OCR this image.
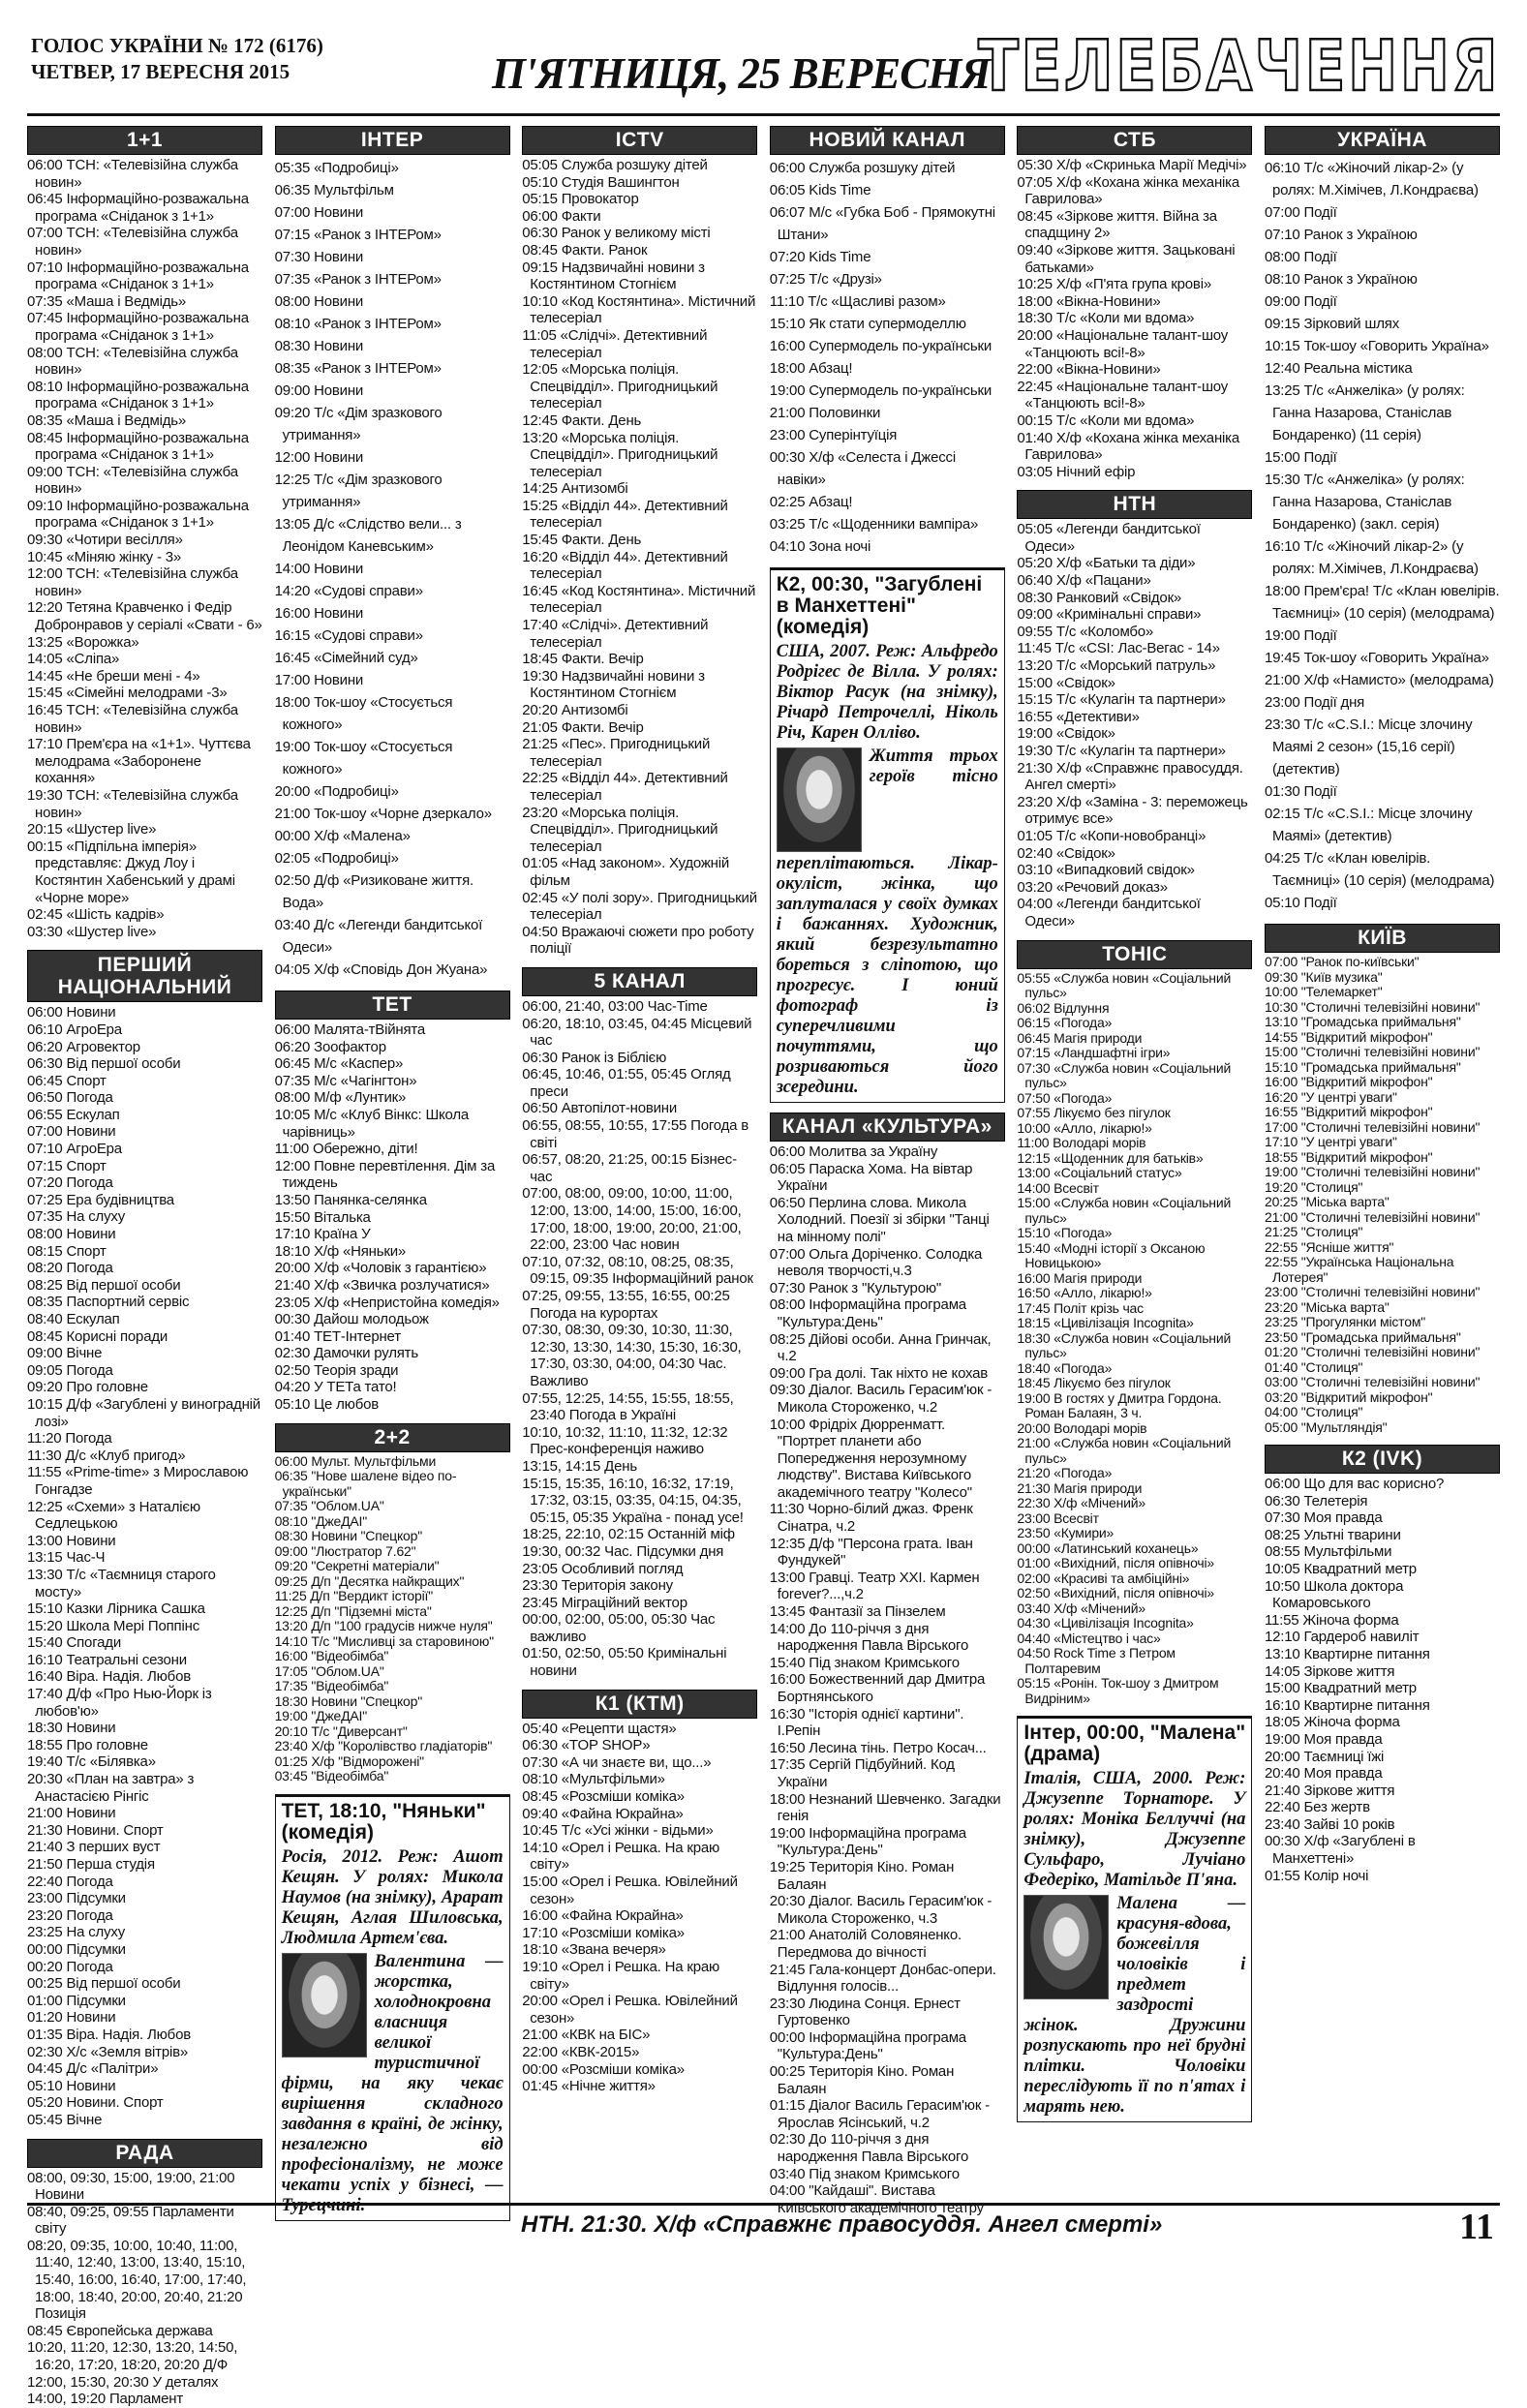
ГОЛОС УКРАЇНИ № 172 (6176)
ЧЕТВЕР, 17 ВЕРЕСНЯ 2015	П'ЯТНИЦЯ, 25 ВЕРЕСНЯ
ТЕЛЕБАЧЕННЯ
1+1
06:00 ТСН: «Телевізійна служба новин»
06:45 Інформаційно-розважальна програма «Сніданок з 1+1»
07:00 ТСН: «Телевізійна служба новин»
07:10 Інформаційно-розважальна програма «Сніданок з 1+1»
07:35 «Маша і Ведмідь»
07:45 Інформаційно-розважальна програма «Сніданок з 1+1»
08:00 ТСН: «Телевізійна служба новин»
08:10 Інформаційно-розважальна програма «Сніданок з 1+1»
08:35 «Маша і Ведмідь»
08:45 Інформаційно-розважальна програма «Сніданок з 1+1»
09:00 ТСН: «Телевізійна служба новин»
09:10 Інформаційно-розважальна програма «Сніданок з 1+1»
09:30 «Чотири весілля»
10:45 «Міняю жінку - 3»
12:00 ТСН: «Телевізійна служба новин»
12:20 Тетяна Кравченко і Федір Добронравов у серіалі «Свати - 6»
13:25 «Ворожка»
14:05 «Сліпа»
14:45 «Не бреши мені - 4»
15:45 «Сімейні мелодрами -3»
16:45 ТСН: «Телевізійна служба новин»
17:10 Прем'єра на «1+1». Чуттєва мелодрама «Заборонене кохання»
19:30 ТСН: «Телевізійна служба новин»
20:15 «Шустер live»
00:15 «Підпільна імперія» представляє: Джуд Лоу і Костянтин Хабенський у драмі «Чорне море»
02:45 «Шість кадрів»
03:30 «Шустер live»
ПЕРШИЙ НАЦІОНАЛЬНИЙ
06:00 Новини
06:10 АгроЕра
06:20 Агровектор
06:30 Від першої особи
06:45 Спорт
06:50 Погода
06:55 Ескулап
07:00 Новини
07:10 АгроЕра
07:15 Спорт
07:20 Погода
07:25 Ера будівництва
07:35 На слуху
08:00 Новини
08:15 Спорт
08:20 Погода
08:25 Від першої особи
08:35 Паспортний сервіс
08:40 Ескулап
08:45 Корисні поради
09:00 Вічне
09:05 Погода
09:20 Про головне
10:15 Д/ф «Загублені у виноградній лозі»
11:20 Погода
11:30 Д/с «Клуб пригод»
11:55 «Prime-time» з Мирославою Гонгадзе
12:25 «Схеми» з Наталією Седлецькою
13:00 Новини
13:15 Час-Ч
13:30 Т/с «Таємниця старого мосту»
15:10 Казки Лірника Сашка
15:20 Школа Мері Поппінс
15:40 Спогади
16:10 Театральні сезони
16:40 Віра. Надія. Любов
17:40 Д/ф «Про Нью-Йорк із любов'ю»
18:30 Новини
18:55 Про головне
19:40 Т/с «Білявка»
20:30 «План на завтра» з Анастасією Рінгіс
21:00 Новини
21:30 Новини. Спорт
21:40 З перших вуст
21:50 Перша студія
22:40 Погода
23:00 Підсумки
23:20 Погода
23:25 На слуху
00:00 Підсумки
00:20 Погода
00:25 Від першої особи
01:00 Підсумки
01:20 Новини
01:35 Віра. Надія. Любов
02:30 Х/с «Земля вітрів»
04:45 Д/с «Палітри»
05:10 Новини
05:20 Новини. Спорт
05:45 Вічне
РАДА
08:00, 09:30, 15:00, 19:00, 21:00 Новини
08:40, 09:25, 09:55 Парламенти світу
08:20, 09:35, 10:00, 10:40, 11:00, 11:40, 12:40, 13:00, 13:40, 15:10, 15:40, 16:00, 16:40, 17:00, 17:40, 18:00, 18:40, 20:00, 20:40, 21:20 Позиція
08:45 Європейська держава
10:20, 11:20, 12:30, 13:20, 14:50, 16:20, 17:20, 18:20, 20:20 Д/Ф
12:00, 15:30, 20:30 У деталях
14:00, 19:20 Парламент
ІНТЕР
05:35 «Подробиці»
06:35 Мультфільм
07:00 Новини
07:15 «Ранок з ІНТЕРом»
07:30 Новини
07:35 «Ранок з ІНТЕРом»
08:00 Новини
08:10 «Ранок з ІНТЕРом»
08:30 Новини
08:35 «Ранок з ІНТЕРом»
09:00 Новини
09:20 Т/с «Дім зразкового утримання»
12:00 Новини
12:25 Т/с «Дім зразкового утримання»
13:05 Д/с «Слідство вели... з Леонідом Каневським»
14:00 Новини
14:20 «Судові справи»
16:00 Новини
16:15 «Судові справи»
16:45 «Сімейний суд»
17:00 Новини
18:00 Ток-шоу «Стосується кожного»
19:00 Ток-шоу «Стосується кожного»
20:00 «Подробиці»
21:00 Ток-шоу «Чорне дзеркало»
00:00 Х/ф «Малена»
02:05 «Подробиці»
02:50 Д/ф «Ризиковане життя. Вода»
03:40 Д/с «Легенди бандитської Одеси»
04:05 Х/ф «Сповідь Дон Жуана»
ТЕТ
06:00 Малята-тВійнята
06:20 Зоофактор
06:45 М/с «Каспер»
07:35 М/с «Чагінгтон»
08:00 М/ф «Лунтик»
10:05 М/с «Клуб Вінкс: Школа чарівниць»
11:00 Обережно, діти!
12:00 Повне перевтілення. Дім за тиждень
13:50 Панянка-селянка
15:50 Віталька
17:10 Країна У
18:10 Х/ф «Няньки»
20:00 Х/ф «Чоловік з гарантією»
21:40 Х/ф «Звичка розлучатися»
23:05 Х/ф «Непристойна комедія»
00:30 Дайош молодьож
01:40 ТЕТ-Інтернет
02:30 Дамочки рулять
02:50 Теорія зради
04:20 У ТЕТа тато!
05:10 Це любов
2+2
06:00 Мульт. Мультфільми
06:35 "Нове шалене відео по-українськи"
07:35 "Облом.UA"
08:10 "ДжеДАІ"
08:30 Новини "Спецкор"
09:00 "Люстратор 7.62"
09:20 "Секретні матеріали"
09:25 Д/п "Десятка найкращих"
11:25 Д/п "Вердикт історії"
12:25 Д/п "Підземні міста"
13:20 Д/п "100 градусів нижче нуля"
14:10 Т/с "Мисливці за старовиною"
16:00 "Відеобімба"
17:05 "Облом.UA"
17:35 "Відеобімба"
18:30 Новини "Спецкор"
19:00 "ДжеДАІ"
20:10 Т/с "Диверсант"
23:40 Х/ф "Королівство гладіаторів"
01:25 Х/ф "Відморожені"
03:45 "Відеобімба"
ТЕТ, 18:10, "Няньки" (комедія)
Росія, 2012. Реж: Ашот Кещян. У ролях: Микола Наумов (на знімку), Арарат Кещян, Аглая Шиловська, Людмила Артем'єва.
Валентина — жорстка, холоднокровна власниця великої туристичної фірми, на яку чекає вирішення складного завдання в країні, де жінку, незалежно від професіоналізму, не може чекати успіх у бізнесі, — Турецчині.
ICTV
05:05 Служба розшуку дітей
05:10 Студія Вашингтон
05:15 Провокатор
06:00 Факти
06:30 Ранок у великому місті
08:45 Факти. Ранок
09:15 Надзвичайні новини з Костянтином Стогнієм
10:10 «Код Костянтина». Містичний телесеріал
11:05 «Слідчі». Детективний телесеріал
12:05 «Морська поліція. Спецвідділ». Пригодницький телесеріал
12:45 Факти. День
13:20 «Морська поліція. Спецвідділ». Пригодницький телесеріал
14:25 Антизомбі
15:25 «Відділ 44». Детективний телесеріал
15:45 Факти. День
16:20 «Відділ 44». Детективний телесеріал
16:45 «Код Костянтина». Містичний телесеріал
17:40 «Слідчі». Детективний телесеріал
18:45 Факти. Вечір
19:30 Надзвичайні новини з Костянтином Стогнієм
20:20 Антизомбі
21:05 Факти. Вечір
21:25 «Пес». Пригодницький телесеріал
22:25 «Відділ 44». Детективний телесеріал
23:20 «Морська поліція. Спецвідділ». Пригодницький телесеріал
01:05 «Над законом». Художній фільм
02:45 «У полі зору». Пригодницький телесеріал
04:50 Вражаючі сюжети про роботу поліції
5 КАНАЛ
06:00, 21:40, 03:00 Час-Time
06:20, 18:10, 03:45, 04:45 Місцевий час
06:30 Ранок із Біблією
06:45, 10:46, 01:55, 05:45 Огляд преси
06:50 Автопілот-новини
06:55, 08:55, 10:55, 17:55 Погода в світі
06:57, 08:20, 21:25, 00:15 Бізнес-час
07:00, 08:00, 09:00, 10:00, 11:00, 12:00, 13:00, 14:00, 15:00, 16:00, 17:00, 18:00, 19:00, 20:00, 21:00, 22:00, 23:00 Час новин
07:10, 07:32, 08:10, 08:25, 08:35, 09:15, 09:35 Інформаційний ранок
07:25, 09:55, 13:55, 16:55, 00:25 Погода на курортах
07:30, 08:30, 09:30, 10:30, 11:30, 12:30, 13:30, 14:30, 15:30, 16:30, 17:30, 03:30, 04:00, 04:30 Час. Важливо
07:55, 12:25, 14:55, 15:55, 18:55, 23:40 Погода в Україні
10:10, 10:32, 11:10, 11:32, 12:32 Прес-конференція наживо
13:15, 14:15 День
15:15, 15:35, 16:10, 16:32, 17:19, 17:32, 03:15, 03:35, 04:15, 04:35, 05:15, 05:35 Україна - понад усе!
18:25, 22:10, 02:15 Останній міф
19:30, 00:32 Час. Підсумки дня
23:05 Особливий погляд
23:30 Територія закону
23:45 Мігрaційний вектор
00:00, 02:00, 05:00, 05:30 Час важливо
01:50, 02:50, 05:50 Кримінальні новини
К1 (КТМ)
05:40 «Рецепти щастя»
06:30 «TOP SHOP»
07:30 «А чи знаєте ви, що...»
08:10 «Мультфільми»
08:45 «Розсміши коміка»
09:40 «Файна Юкрайна»
10:45 Т/с «Усі жінки - відьми»
14:10 «Орел і Решка. На краю світу»
15:00 «Орел і Решка. Ювілейний сезон»
16:00 «Файна Юкрайна»
17:10 «Розсміши коміка»
18:10 «Звана вечеря»
19:10 «Орел і Решка. На краю світу»
20:00 «Орел і Решка. Ювілейний сезон»
21:00 «КВК на БІС»
22:00 «КВК-2015»
00:00 «Розсміши коміка»
01:45 «Нічне життя»
НОВИЙ КАНАЛ
06:00 Служба розшуку дітей
06:05 Kids Time
06:07 М/с «Губка Боб - Прямокутні Штани»
07:20 Kids Time
07:25 Т/с «Друзі»
11:10 Т/с «Щасливі разом»
15:10 Як стати супермоделлю
16:00 Супермодель по-українськи
18:00 Абзац!
19:00 Супермодель по-українськи
21:00 Половинки
23:00 Суперінтуїція
00:30 Х/ф «Селеста і Джессі навіки»
02:25 Абзац!
03:25 Т/с «Щоденники вампіра»
04:10 Зона ночі
К2, 00:30, "Загублені в Манхеттені" (комедія)
США, 2007. Реж: Альфредо Родрігес де Вілла. У ролях: Віктор Расук (на знімку), Річард Петрочеллі, Ніколь Річ, Карен Олліво.
Життя трьох героїв тісно переплітаються. Лікар-окуліст, жінка, що заплуталася у своїх думках і бажаннях. Художник, який безрезультатно бореться з сліпотою, що прогресує. І юний фотограф із суперечливими почуттями, що розриваються його зсередини.
КАНАЛ «КУЛЬТУРА»
06:00 Молитва за Україну
06:05 Параска Хома. На вівтар України
06:50 Перлина слова. Микола Холодний. Поезії зі збірки "Танці на мінному полі"
07:00 Ольга Доріченко. Солодка неволя творчості,ч.3
07:30 Ранок з "Культурою"
08:00 Інформаційна програма "Культура:День"
08:25 Дійові особи. Анна Гринчак, ч.2
09:00 Гра долі. Так ніхто не кохав
09:30 Діалог. Василь Герасим'юк - Микола Стороженко, ч.2
10:00 Фрідріх Дюрренматт. "Портрет планети або Попередження нерозумному людству". Вистава Київського академічного театру "Колесо"
11:30 Чорно-білий джаз. Френк Сінатра, ч.2
12:35 Д/ф "Персона грата. Іван Фундукей"
13:00 Гравці. Театр XXI. Кармен forever?...,ч.2
13:45 Фантазії за Пінзелем
14:00 До 110-річчя з дня народження Павла Вірського
15:40 Під знаком Кримського
16:00 Божественний дар Дмитра Бортнянського
16:30 "Історія однієї картини". І.Репін
16:50 Лесина тінь. Петро Косач...
17:35 Сергій Підбуйний. Код України
18:00 Незнаний Шевченко. Загадки генія
19:00 Інформаційна програма "Культура:День"
19:25 Територія Кіно. Роман Балаян
20:30 Діалог. Василь Герасим'юк - Микола Стороженко, ч.3
21:00 Анатолій Соловяненко. Передмова до вічності
21:45 Гала-концерт Донбас-опери. Відлуння голосів...
23:30 Людина Сонця. Ернест Гуртовенко
00:00 Інформаційна програма "Культура:День"
00:25 Територія Кіно. Роман Балаян
01:15 Діалог Василь Герасим'юк - Ярослав Ясінський, ч.2
02:30 До 110-річчя з дня народження Павла Вірського
03:40 Під знаком Кримського
04:00 "Кайдаші". Вистава Київського академічного театру
СТБ
05:30 Х/ф «Скринька Марії Медічі»
07:05 Х/ф «Кохана жінка механіка Гаврилова»
08:45 «Зіркове життя. Війна за спадщину 2»
09:40 «Зіркове життя. Зацьковані батьками»
10:25 Х/ф «П'ята група крові»
18:00 «Вікна-Новини»
18:30 Т/с «Коли ми вдома»
20:00 «Національне талант-шоу «Танцюють всі!-8»
22:00 «Вікна-Новини»
22:45 «Національне талант-шоу «Танцюють всі!-8»
00:15 Т/с «Коли ми вдома»
01:40 Х/ф «Кохана жінка механіка Гаврилова»
03:05 Нічний ефір
НТН
05:05 «Легенди бандитської Одеси»
05:20 Х/ф «Батьки та діди»
06:40 Х/ф «Пацани»
08:30 Ранковий «Свідок»
09:00 «Кримінальні справи»
09:55 Т/с «Коломбо»
11:45 Т/с «CSI: Лас-Вегас - 14»
13:20 Т/с «Морський патруль»
15:00 «Свідок»
15:15 Т/с «Кулагін та партнери»
16:55 «Детективи»
19:00 «Свідок»
19:30 Т/с «Кулагін та партнери»
21:30 Х/ф «Справжнє правосуддя. Ангел смерті»
23:20 Х/ф «Заміна - 3: переможець отримує все»
01:05 Т/с «Копи-новобранці»
02:40 «Свідок»
03:10 «Випадковий свідок»
03:20 «Речовий доказ»
04:00 «Легенди бандитської Одеси»
ТОНІС
05:55 «Служба новин «Соціальний пульс»
06:02 Відлуння
06:15 «Погода»
06:45 Магія природи
07:15 «Ландшафтні ігри»
07:30 «Служба новин «Соціальний пульс»
07:50 «Погода»
07:55 Лікуємо без пігулок
10:00 «Алло, лікарю!»
11:00 Володарі морів
12:15 «Щоденник для батьків»
13:00 «Соціальний статус»
14:00 Всесвіт
15:00 «Служба новин «Соціальний пульс»
15:10 «Погода»
15:40 «Модні історії з Оксаною Новицькою»
16:00 Магія природи
16:50 «Алло, лікарю!»
17:45 Політ крізь час
18:15 «Цивілізація Incognita»
18:30 «Служба новин «Соціальний пульс»
18:40 «Погода»
18:45 Лікуємо без пігулок
19:00 В гостях у Дмитра Гордона. Роман Балаян, 3 ч.
20:00 Володарі морів
21:00 «Служба новин «Соціальний пульс»
21:20 «Погода»
21:30 Магія природи
22:30 Х/ф «Мічений»
23:00 Всесвіт
23:50 «Кумири»
00:00 «Латинський коханець»
01:00 «Вихідний, після опівночі»
02:00 «Красиві та амбіційні»
02:50 «Вихідний, після опівночі»
03:40 Х/ф «Мічений»
04:30 «Цивілізація Incognita»
04:40 «Містецтво і час»
04:50 Rock Time з Петром Полтаревим
05:15 «Ронін. Ток-шоу з Дмитром Видріним»
Інтер, 00:00, "Малена" (драма)
Італія, США, 2000. Реж: Джузеппе Торнаторе. У ролях: Моніка Беллуччі (на знімку), Джузеппе Сульфаро, Лучіано Федеріко, Матільде П'яна.
Малена — красуня-вдова, божевілля чоловіків і предмет заздрості жінок. Дружини розпускають про неї брудні плітки. Чоловіки переслідують її по п'ятах і марять нею.
УКРАЇНА
06:10 Т/с «Жіночий лікар-2» (у ролях: М.Хімічев, Л.Кондраєва)
07:00 Події
07:10 Ранок з Україною
08:00 Події
08:10 Ранок з Україною
09:00 Події
09:15 Зірковий шлях
10:15 Ток-шоу «Говорить Україна»
12:40 Реальна містика
13:25 Т/с «Анжеліка» (у ролях: Ганна Назарова, Станіслав Бондаренко) (11 серія)
15:00 Події
15:30 Т/с «Анжеліка» (у ролях: Ганна Назарова, Станіслав Бондаренко) (закл. серія)
16:10 Т/с «Жіночий лікар-2» (у ролях: М.Хімічев, Л.Кондраєва)
18:00 Прем'єра! Т/с «Клан ювелірів. Таємниці» (10 серія) (мелодрама)
19:00 Події
19:45 Ток-шоу «Говорить Україна»
21:00 Х/ф «Намисто» (мелодрама)
23:00 Події дня
23:30 Т/с «C.S.I.: Місце злочину Маямі 2 сезон» (15,16 серії) (детектив)
01:30 Події
02:15 Т/с «C.S.I.: Місце злочину Маямі» (детектив)
04:25 Т/с «Клан ювелірів. Таємниці» (10 серія) (мелодрама)
05:10 Події
КИЇВ
07:00 "Ранок по-київськи"
09:30 "Київ музика"
10:00 "Телемаркет"
10:30 "Столичні телевізійні новини"
13:10 "Громадська приймальня"
14:55 "Відкритий мікрофон"
15:00 "Столичні телевізійні новини"
15:10 "Громадська приймальня"
16:00 "Відкритий мікрофон"
16:20 "У центрі уваги"
16:55 "Відкритий мікрофон"
17:00 "Столичні телевізійні новини"
17:10 "У центрі уваги"
18:55 "Відкритий мікрофон"
19:00 "Столичні телевізійні новини"
19:20 "Столиця"
20:25 "Міська варта"
21:00 "Столичні телевізійні новини"
21:25 "Столиця"
22:55 "Ясніше життя"
22:55 "Українська Національна Лотерея"
23:00 "Столичні телевізійні новини"
23:20 "Міська варта"
23:25 "Прогулянки містом"
23:50 "Громадська приймальня"
01:20 "Столичні телевізійні новини"
01:40 "Столиця"
03:00 "Столичні телевізійні новини"
03:20 "Відкритий мікрофон"
04:00 "Столиця"
05:00 "Мультляндія"
К2 (IVK)
06:00 Що для вас корисно?
06:30 Телетерія
07:30 Моя правда
08:25 Ультні тварини
08:55 Мультфільми
10:05 Квадратний метр
10:50 Школа доктора Комаровського
11:55 Жіноча форма
12:10 Гардероб навиліт
13:10 Квартирне питання
14:05 Зіркове життя
15:00 Квадратний метр
16:10 Квартирне питання
18:05 Жіноча форма
19:00 Моя правда
20:00 Таємниці їжі
20:40 Моя правда
21:40 Зіркове життя
22:40 Без жертв
23:40 Зайві 10 років
00:30 Х/ф «Загублені в Манхеттені»
01:55 Колір ночі
НТН. 21:30. Х/ф «Справжнє правосуддя. Ангел смерті»	11
